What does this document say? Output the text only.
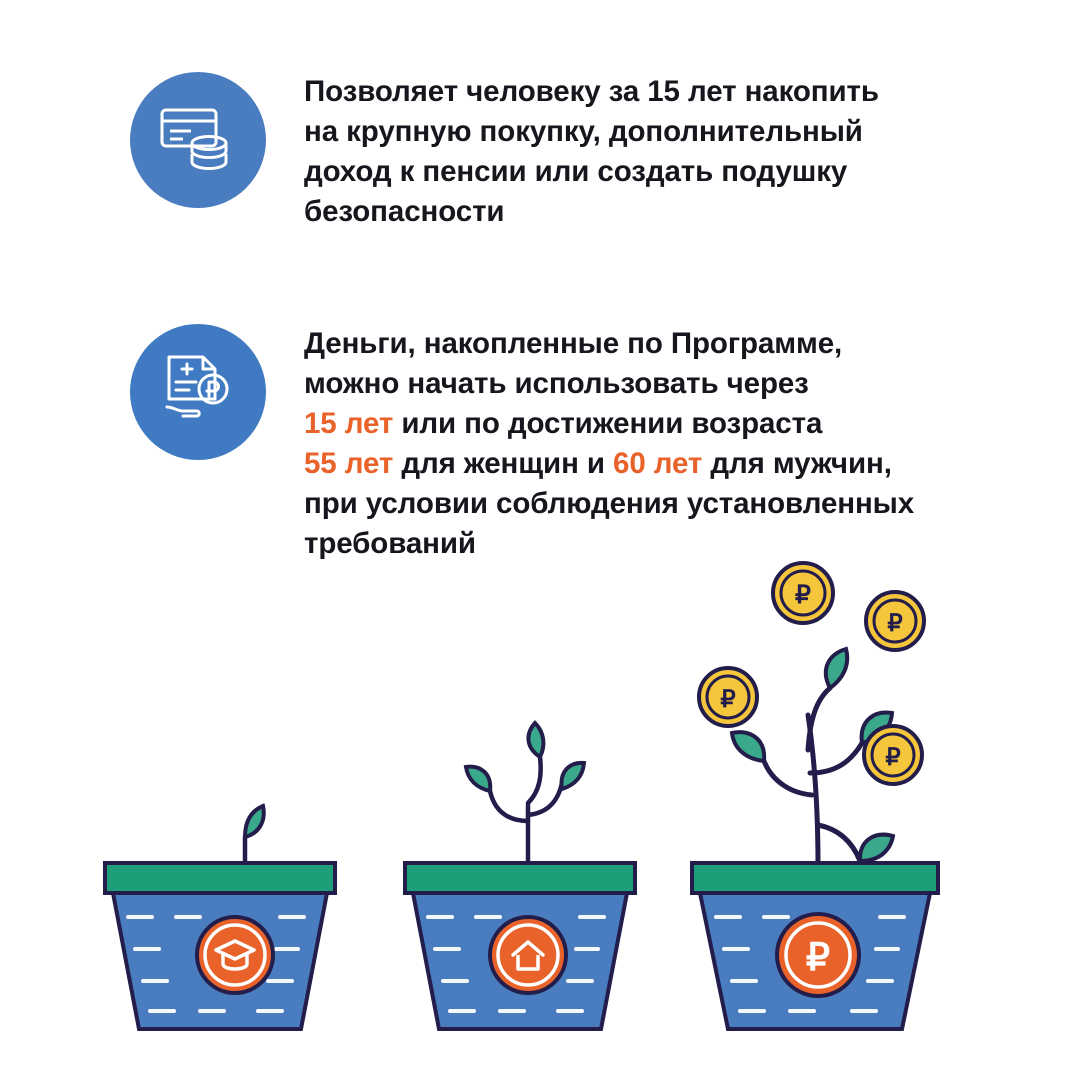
Позволяет человеку за 15 лет накопить
на крупную покупку, дополнительный
доход к пенсии или создать подушку
безопасности
Деньги, накопленные по Программе,
можно начать использовать через
15 лет или по достижении возраста
55 лет для женщин и 60 лет для мужчин,
при условии соблюдения установленных
требований
₽
₽
₽
₽
₽
